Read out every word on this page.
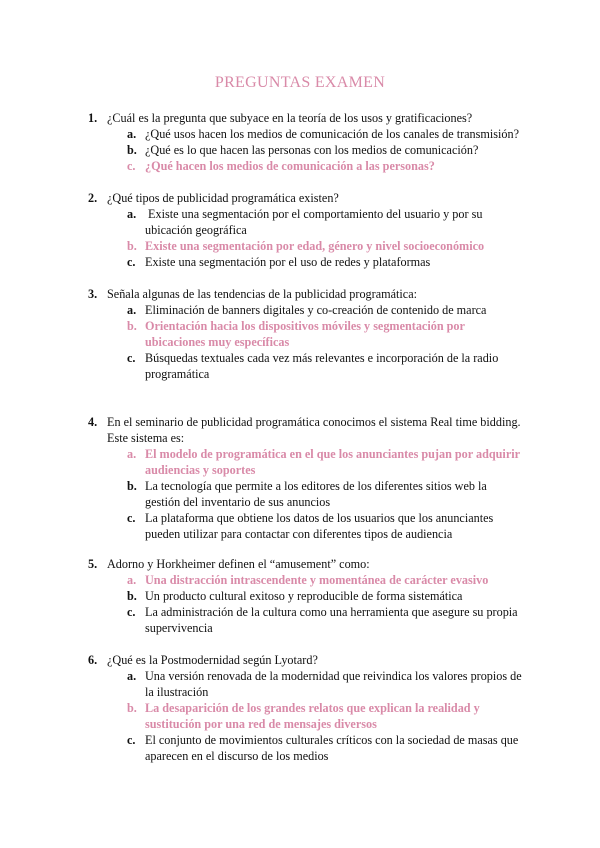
PREGUNTAS EXAMEN
1. ¿Cuál es la pregunta que subyace en la teoría de los usos y gratificaciones?
a. ¿Qué usos hacen los medios de comunicación de los canales de transmisión?
b. ¿Qué es lo que hacen las personas con los medios de comunicación?
c. ¿Qué hacen los medios de comunicación a las personas?
2. ¿Qué tipos de publicidad programática existen?
a. Existe una segmentación por el comportamiento del usuario y por su ubicación geográfica
b. Existe una segmentación por edad, género y nivel socioeconómico
c. Existe una segmentación por el uso de redes y plataformas
3. Señala algunas de las tendencias de la publicidad programática:
a. Eliminación de banners digitales y co-creación de contenido de marca
b. Orientación hacia los dispositivos móviles y segmentación por ubicaciones muy específicas
c. Búsquedas textuales cada vez más relevantes e incorporación de la radio programática
4. En el seminario de publicidad programática conocimos el sistema Real time bidding. Este sistema es:
a. El modelo de programática en el que los anunciantes pujan por adquirir audiencias y soportes
b. La tecnología que permite a los editores de los diferentes sitios web la gestión del inventario de sus anuncios
c. La plataforma que obtiene los datos de los usuarios que los anunciantes pueden utilizar para contactar con diferentes tipos de audiencia
5. Adorno y Horkheimer definen el “amusement” como:
a. Una distracción intrascendente y momentánea de carácter evasivo
b. Un producto cultural exitoso y reproducible de forma sistemática
c. La administración de la cultura como una herramienta que asegure su propia supervivencia
6. ¿Qué es la Postmodernidad según Lyotard?
a. Una versión renovada de la modernidad que reivindica los valores propios de la ilustración
b. La desaparición de los grandes relatos que explican la realidad y sustitución por una red de mensajes diversos
c. El conjunto de movimientos culturales críticos con la sociedad de masas que aparecen en el discurso de los medios
